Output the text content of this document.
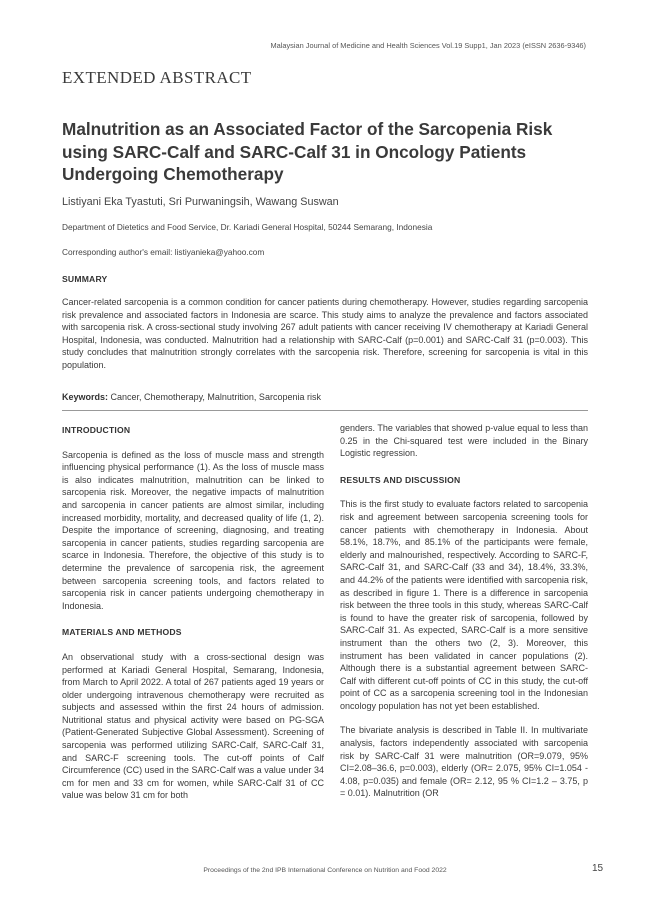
Malaysian Journal of Medicine and Health Sciences Vol.19 Supp1, Jan 2023 (eISSN 2636-9346)
EXTENDED ABSTRACT
Malnutrition as an Associated Factor of the Sarcopenia Risk using SARC-Calf and SARC-Calf 31 in Oncology Patients Undergoing Chemotherapy
Listiyani Eka Tyastuti, Sri Purwaningsih, Wawang Suswan
Department of Dietetics and Food Service, Dr. Kariadi General Hospital, 50244 Semarang, Indonesia
Corresponding author's email: listiyanieka@yahoo.com
SUMMARY

Cancer-related sarcopenia is a common condition for cancer patients during chemotherapy. However, studies regarding sarcopenia risk prevalence and associated factors in Indonesia are scarce. This study aims to analyze the prevalence and factors associated with sarcopenia risk. A cross-sectional study involving 267 adult patients with cancer receiving IV chemotherapy at Kariadi General Hospital, Indonesia, was conducted. Malnutrition had a relationship with SARC-Calf (p=0.001) and SARC-Calf 31 (p=0.003). This study concludes that malnutrition strongly correlates with the sarcopenia risk. Therefore, screening for sarcopenia is vital in this population.

Keywords: Cancer, Chemotherapy, Malnutrition, Sarcopenia risk

INTRODUCTION

Sarcopenia is defined as the loss of muscle mass and strength influencing physical performance (1). As the loss of muscle mass is also indicates malnutrition, malnutrition can be linked to sarcopenia risk. Moreover, the negative impacts of malnutrition and sarcopenia in cancer patients are almost similar, including increased morbidity, mortality, and decreased quality of life (1, 2). Despite the importance of screening, diagnosing, and treating sarcopenia in cancer patients, studies regarding sarcopenia are scarce in Indonesia. Therefore, the objective of this study is to determine the prevalence of sarcopenia risk, the agreement between sarcopenia screening tools, and factors related to sarcopenia risk in cancer patients undergoing chemotherapy in Indonesia.

MATERIALS AND METHODS

An observational study with a cross-sectional design was performed at Kariadi General Hospital, Semarang, Indonesia, from March to April 2022. A total of 267 patients aged 19 years or older undergoing intravenous chemotherapy were recruited as subjects and assessed within the first 24 hours of admission. Nutritional status and physical activity were based on PG-SGA (Patient-Generated Subjective Global Assessment). Screening of sarcopenia was performed utilizing SARC-Calf, SARC-Calf 31, and SARC-F screening tools. The cut-off points of Calf Circumference (CC) used in the SARC-Calf was a value under 34 cm for men and 33 cm for women, while SARC-Calf 31 of CC value was below 31 cm for both

genders. The variables that showed p-value equal to less than 0.25 in the Chi-squared test were included in the Binary Logistic regression.

RESULTS AND DISCUSSION

This is the first study to evaluate factors related to sarcopenia risk and agreement between sarcopenia screening tools for cancer patients with chemotherapy in Indonesia. About 58.1%, 18.7%, and 85.1% of the participants were female, elderly and malnourished, respectively. According to SARC-F, SARC-Calf 31, and SARC-Calf (33 and 34), 18.4%, 33.3%, and 44.2% of the patients were identified with sarcopenia risk, as described in figure 1. There is a difference in sarcopenia risk between the three tools in this study, whereas SARC-Calf is found to have the greater risk of sarcopenia, followed by SARC-Calf 31. As expected, SARC-Calf is a more sensitive instrument than the others two (2, 3). Moreover, this instrument has been validated in cancer populations (2). Although there is a substantial agreement between SARC-Calf with different cut-off points of CC in this study, the cut-off point of CC as a sarcopenia screening tool in the Indonesian oncology population has not yet been established.

The bivariate analysis is described in Table II. In multivariate analysis, factors independently associated with sarcopenia risk by SARC-Calf 31 were malnutrition (OR=9.079, 95% CI=2.08–36.6, p=0.003), elderly (OR= 2.075, 95% CI=1.054 - 4.08, p=0.035) and female (OR= 2.12, 95 % CI=1.2 – 3.75, p = 0.01). Malnutrition (OR

Proceedings of the 2nd IPB International Conference on Nutrition and Food 2022	15
